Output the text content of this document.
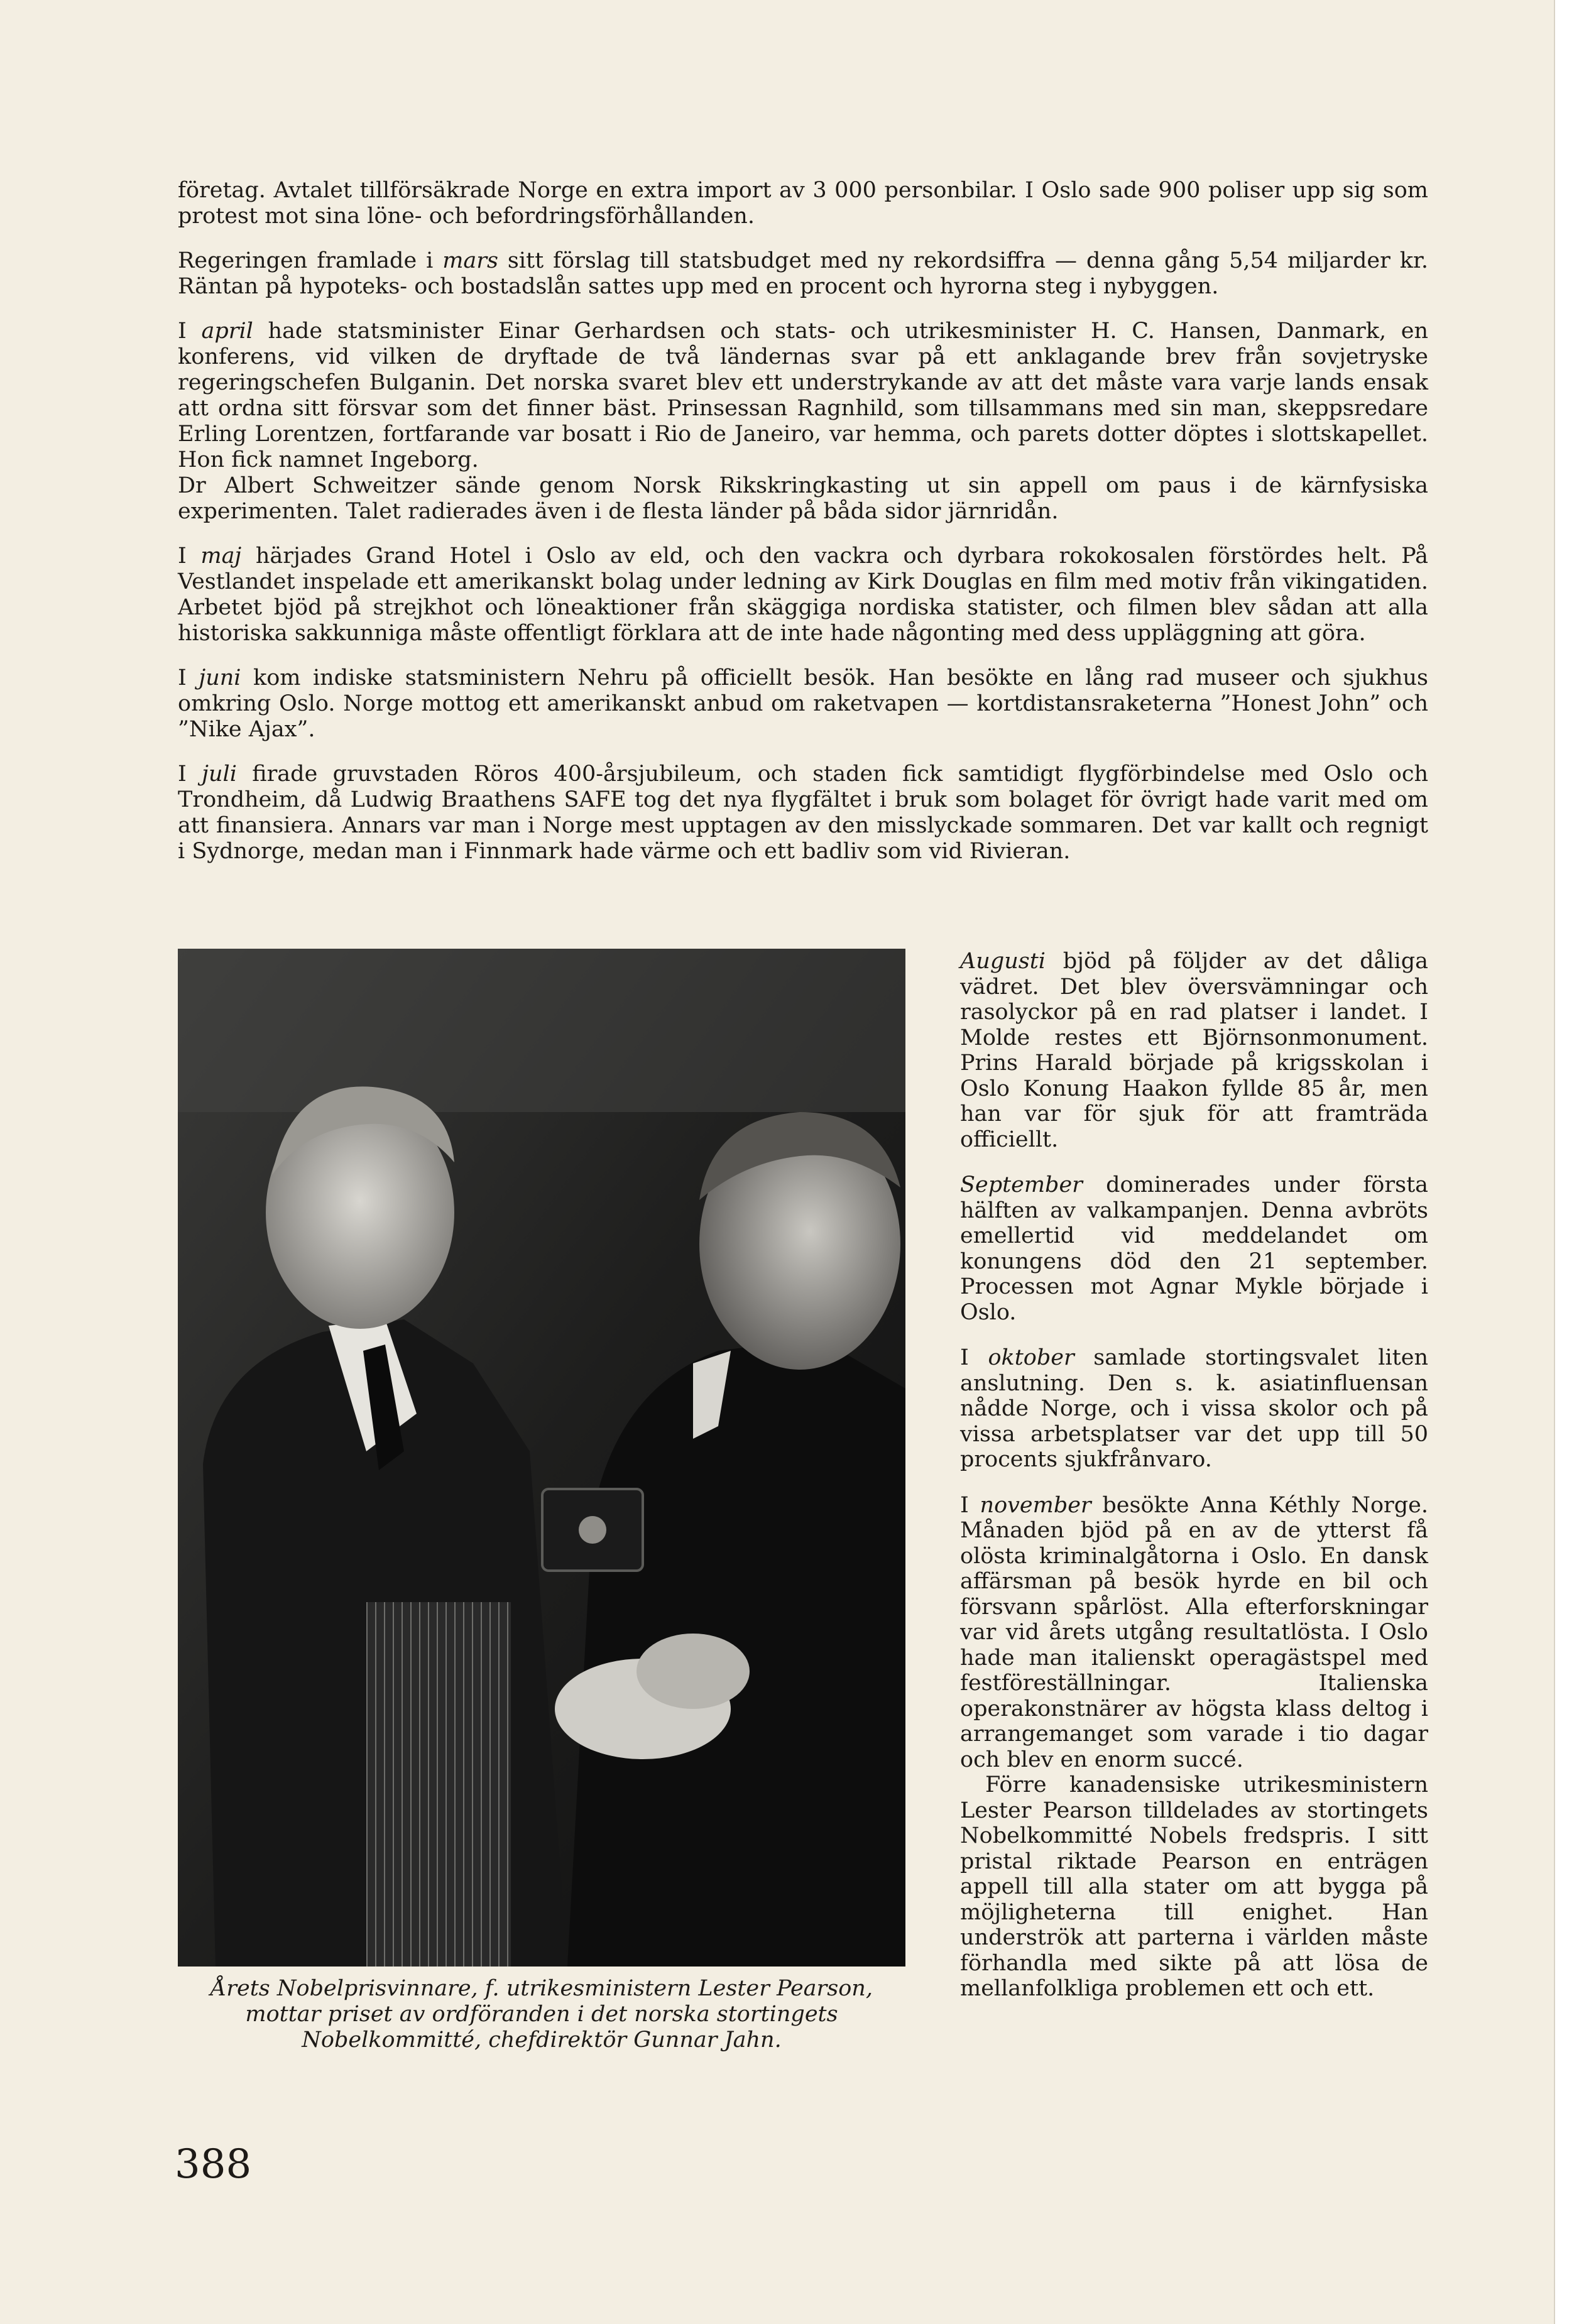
företag. Avtalet tillförsäkrade Norge en extra import av 3 000 personbilar. I Oslo sade 900 poliser upp sig som protest mot sina löne- och befordringsförhållanden.

Regeringen framlade i mars sitt förslag till statsbudget med ny rekordsiffra — denna gång 5,54 miljarder kr. Räntan på hypoteks- och bostadslån sattes upp med en procent och hyrorna steg i nybyggen.

I april hade statsminister Einar Gerhardsen och stats- och utrikesminister H. C. Hansen, Danmark, en konferens, vid vilken de dryftade de två ländernas svar på ett anklagande brev från sovjetryske regeringschefen Bulganin. Det norska svaret blev ett understrykande av att det måste vara varje lands ensak att ordna sitt försvar som det finner bäst. Prinsessan Ragnhild, som tillsammans med sin man, skeppsredare Erling Lorentzen, fortfarande var bosatt i Rio de Janeiro, var hemma, och parets dotter döptes i slottskapellet. Hon fick namnet Ingeborg.

Dr Albert Schweitzer sände genom Norsk Rikskringkasting ut sin appell om paus i de kärnfysiska experimenten. Talet radierades även i de flesta länder på båda sidor järnridån.

I maj härjades Grand Hotel i Oslo av eld, och den vackra och dyrbara rokokosalen förstördes helt. På Vestlandet inspelade ett amerikanskt bolag under ledning av Kirk Douglas en film med motiv från vikingatiden. Arbetet bjöd på strejkhot och löneaktioner från skäggiga nordiska statister, och filmen blev sådan att alla historiska sakkunniga måste offentligt förklara att de inte hade någonting med dess uppläggning att göra.

I juni kom indiske statsministern Nehru på officiellt besök. Han besökte en lång rad museer och sjukhus omkring Oslo. Norge mottog ett amerikanskt anbud om raketvapen — kortdistansraketerna ”Honest John” och ”Nike Ajax”.

I juli firade gruvstaden Röros 400-årsjubileum, och staden fick samtidigt flygförbindelse med Oslo och Trondheim, då Ludwig Braathens SAFE tog det nya flygfältet i bruk som bolaget för övrigt hade varit med om att finansiera. Annars var man i Norge mest upptagen av den misslyckade sommaren. Det var kallt och regnigt i Sydnorge, medan man i Finnmark hade värme och ett badliv som vid Rivieran.

Årets Nobelprisvinnare, f. utrikesministern Lester Pearson, mottar priset av ordföranden i det norska stortingets Nobelkommitté, chefdirektör Gunnar Jahn.

Augusti bjöd på följder av det dåliga vädret. Det blev översvämningar och rasolyckor på en rad platser i landet. I Molde restes ett Björnsonmonument. Prins Harald började på krigsskolan i Oslo Konung Haakon fyllde 85 år, men han var för sjuk för att framträda officiellt.

September dominerades under första hälften av valkampanjen. Denna avbröts emellertid vid meddelandet om konungens död den 21 september. Processen mot Agnar Mykle började i Oslo.

I oktober samlade stortingsvalet liten anslutning. Den s. k. asiatinfluensan nådde Norge, och i vissa skolor och på vissa arbetsplatser var det upp till 50 procents sjukfrånvaro.

I november besökte Anna Kéthly Norge. Månaden bjöd på en av de ytterst få olösta kriminalgåtorna i Oslo. En dansk affärsman på besök hyrde en bil och försvann spårlöst. Alla efterforskningar var vid årets utgång resultatlösta. I Oslo hade man italienskt operagästspel med festföreställningar. Italienska operakonstnärer av högsta klass deltog i arrangemanget som varade i tio dagar och blev en enorm succé.

Förre kanadensiske utrikesministern Lester Pearson tilldelades av stortingets Nobelkommitté Nobels fredspris. I sitt pristal riktade Pearson en enträgen appell till alla stater om att bygga på möjligheterna till enighet. Han underströk att parterna i världen måste förhandla med sikte på att lösa de mellanfolkliga problemen ett och ett.

388
